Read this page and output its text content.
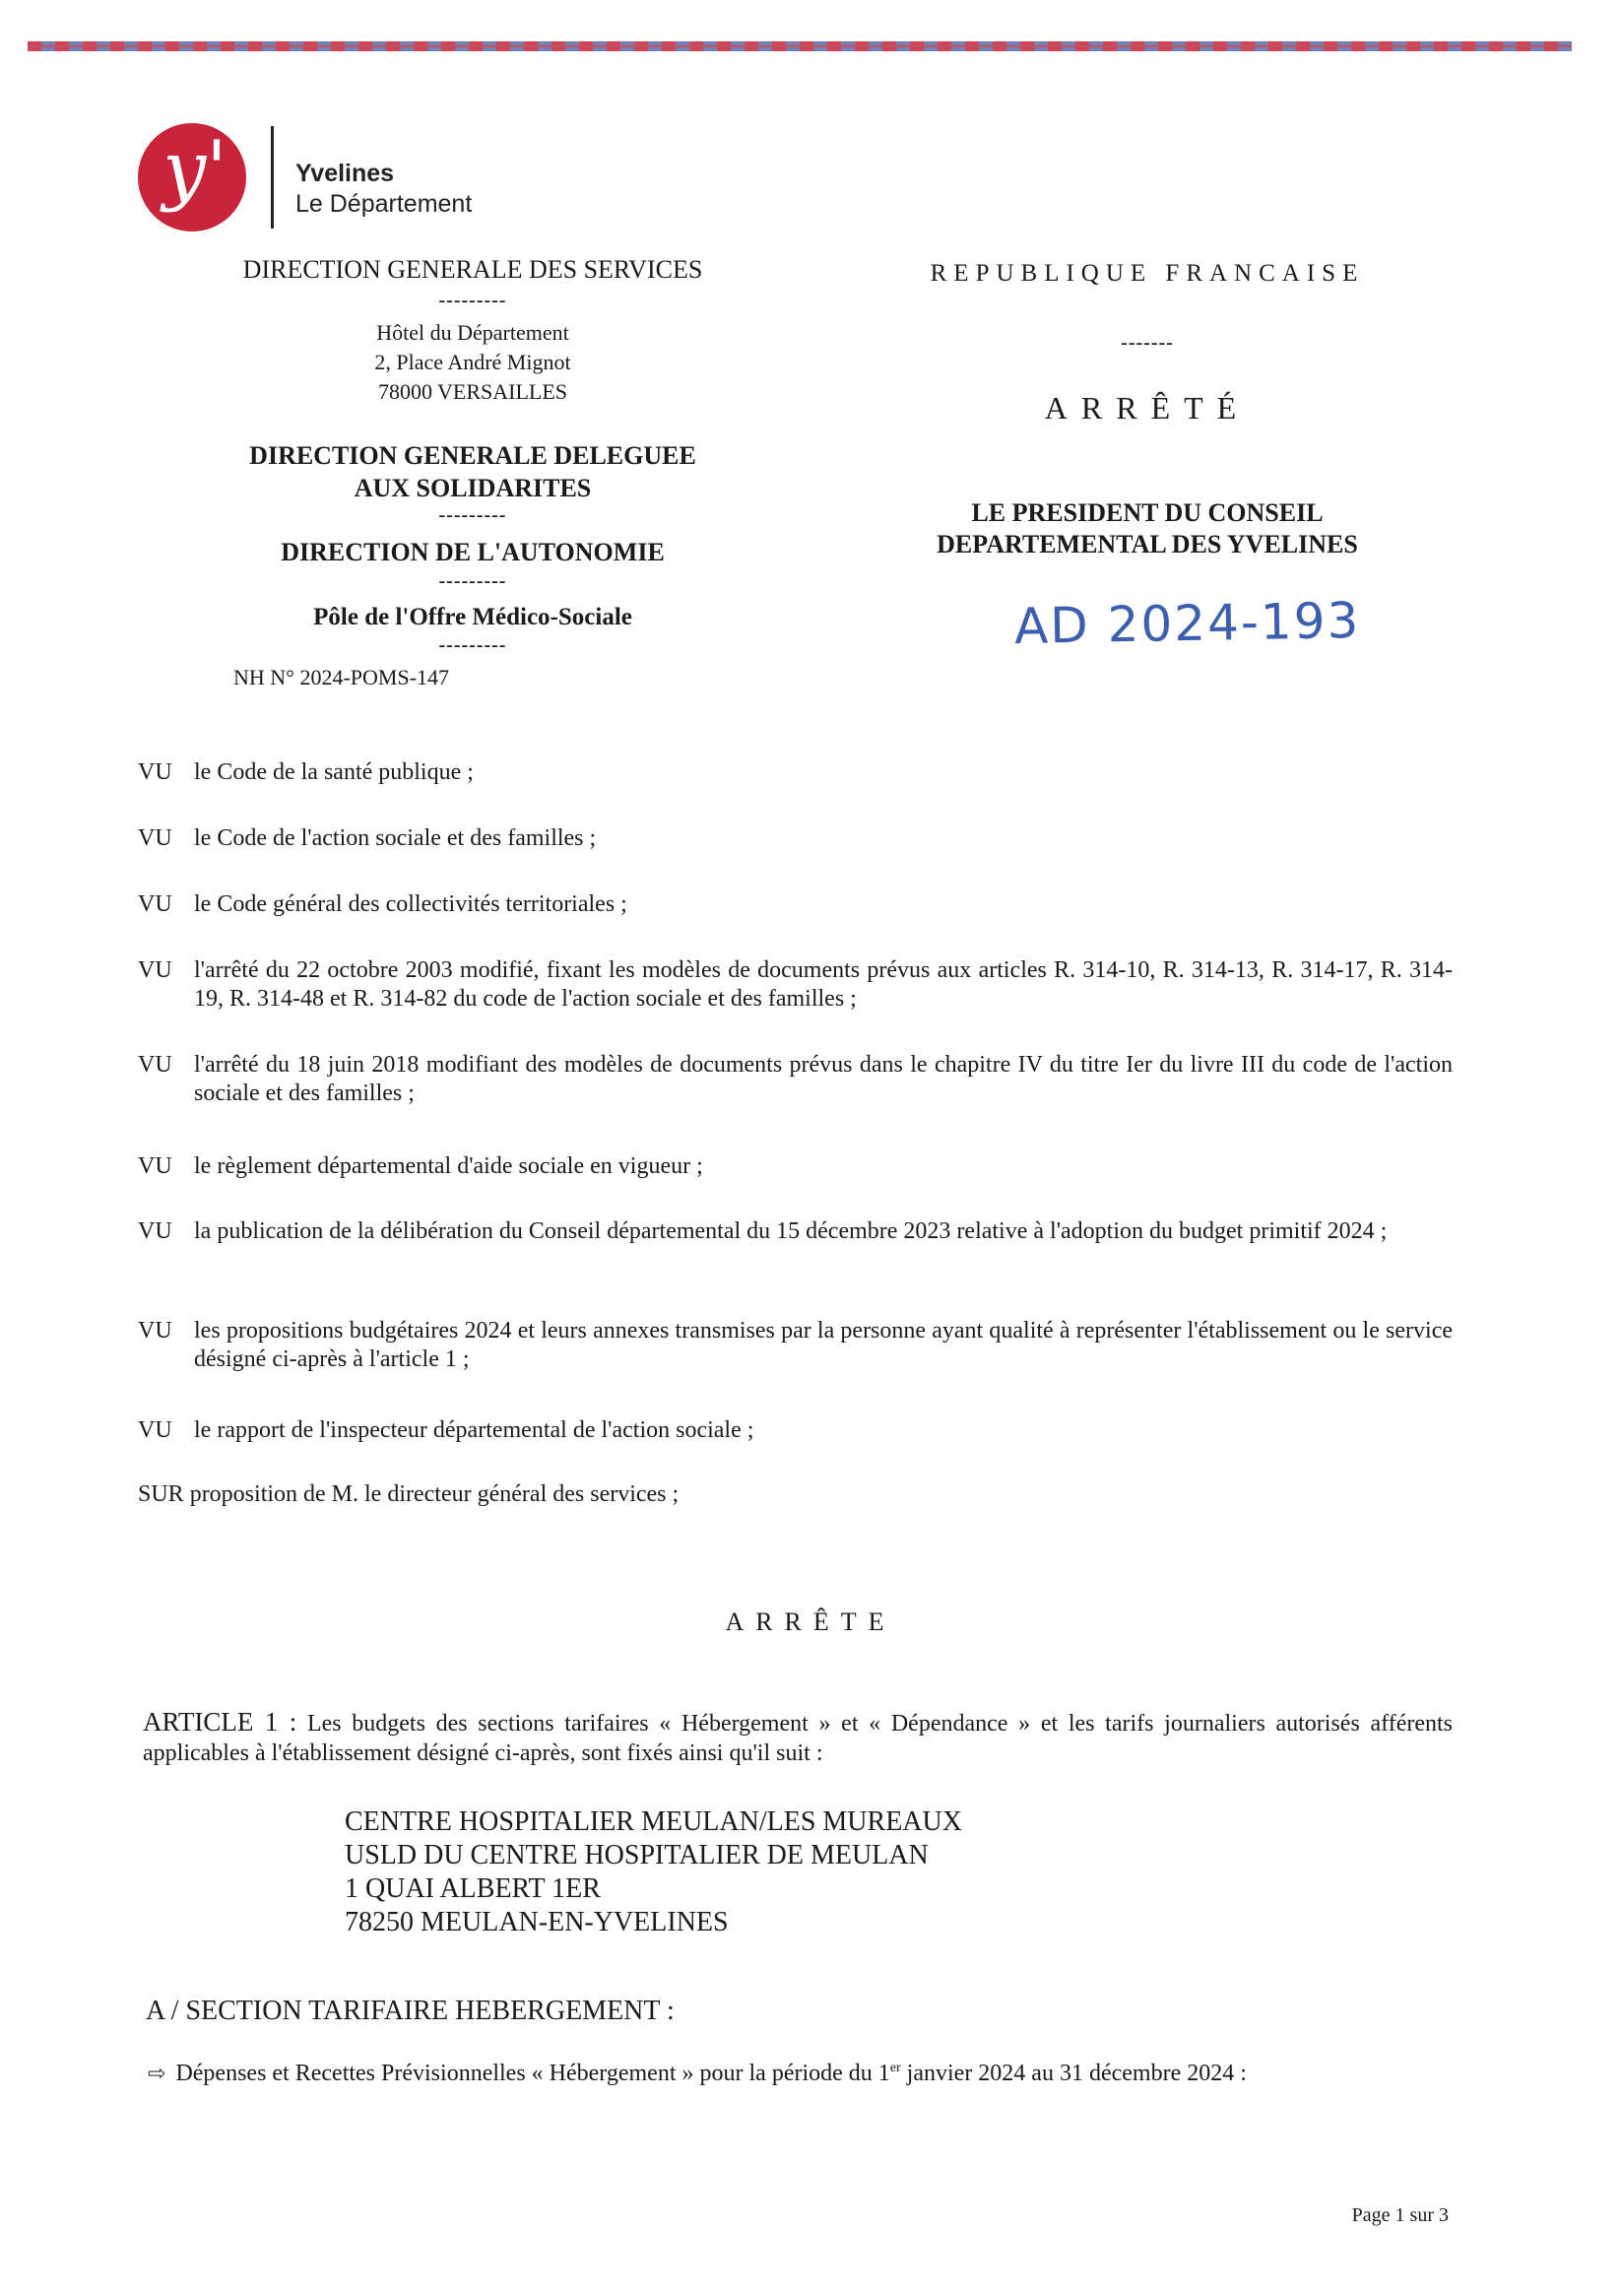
y'	Yvelines
Le Département
DIRECTION GENERALE DES SERVICES
---------
Hôtel du Département
2, Place André Mignot
78000 VERSAILLES
DIRECTION GENERALE DELEGUEE
AUX SOLIDARITES
---------
DIRECTION DE L'AUTONOMIE
---------
Pôle de l'Offre Médico-Sociale
---------
NH N° 2024-POMS-147
REPUBLIQUE FRANCAISE
-------
ARRÊTÉ
LE PRESIDENT DU CONSEIL
DEPARTEMENTAL DES YVELINES
AD 2024-193
VU le Code de la santé publique ;
VU le Code de l'action sociale et des familles ;
VU le Code général des collectivités territoriales ;
VU l'arrêté du 22 octobre 2003 modifié, fixant les modèles de documents prévus aux articles R. 314-10, R. 314-13, R. 314-17, R. 314-19, R. 314-48 et R. 314-82 du code de l'action sociale et des familles ;
VU l'arrêté du 18 juin 2018 modifiant des modèles de documents prévus dans le chapitre IV du titre Ier du livre III du code de l'action sociale et des familles ;
VU le règlement départemental d'aide sociale en vigueur ;
VU la publication de la délibération du Conseil départemental du 15 décembre 2023 relative à l'adoption du budget primitif 2024 ;
VU les propositions budgétaires 2024 et leurs annexes transmises par la personne ayant qualité à représenter l'établissement ou le service désigné ci-après à l'article 1 ;
VU le rapport de l'inspecteur départemental de l'action sociale ;
SUR proposition de M. le directeur général des services ;
ARRÊTE
ARTICLE 1 : Les budgets des sections tarifaires « Hébergement » et « Dépendance » et les tarifs journaliers autorisés afférents applicables à l'établissement désigné ci-après, sont fixés ainsi qu'il suit :
CENTRE HOSPITALIER MEULAN/LES MUREAUX
USLD DU CENTRE HOSPITALIER DE MEULAN
1 QUAI ALBERT 1ER
78250 MEULAN-EN-YVELINES
A / SECTION TARIFAIRE HEBERGEMENT :
⇨ Dépenses et Recettes Prévisionnelles « Hébergement » pour la période du 1er janvier 2024 au 31 décembre 2024 :
Page 1 sur 3
